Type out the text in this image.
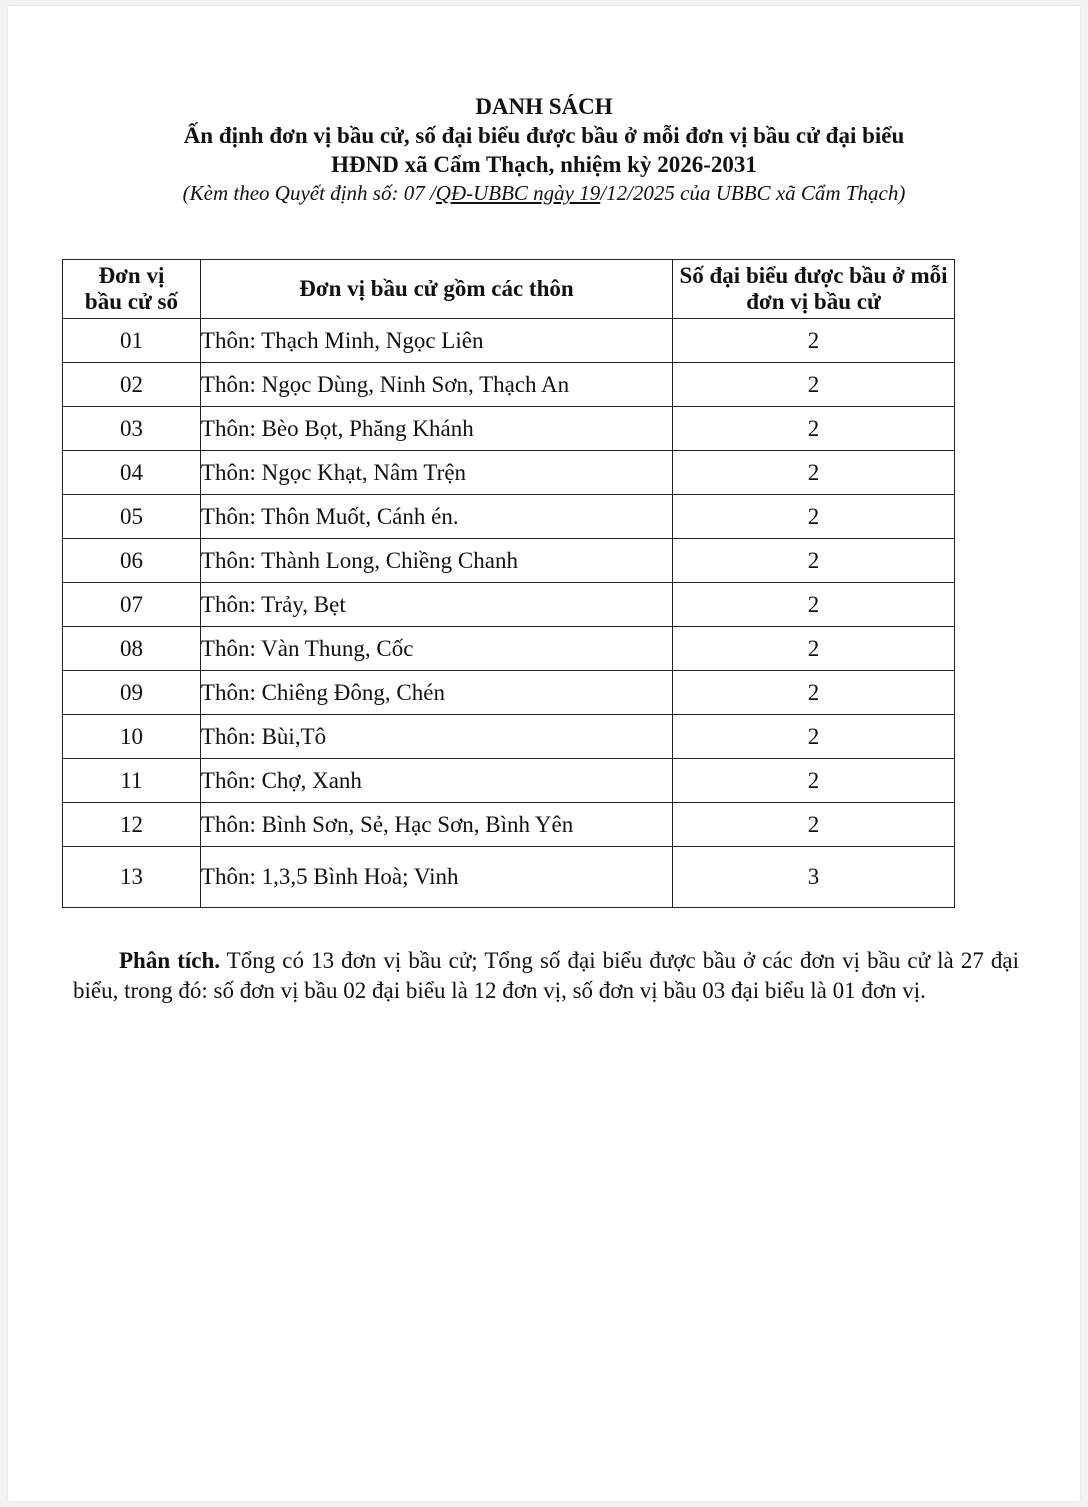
DANH SÁCH
Ấn định đơn vị bầu cử, số đại biểu được bầu ở mỗi đơn vị bầu cử đại biểu
HĐND xã Cẩm Thạch, nhiệm kỳ 2026-2031
(Kèm theo Quyết định số: 07 /QĐ-UBBC ngày 19/12/2025 của UBBC xã Cẩm Thạch)
Đơn vị bầu cử số	Đơn vị bầu cử gồm các thôn	Số đại biểu được bầu ở mỗi đơn vị bầu cử

01	Thôn: Thạch Minh, Ngọc Liên	2
02	Thôn: Ngọc Dùng, Ninh Sơn, Thạch An	2
03	Thôn: Bèo Bọt, Phăng Khánh	2
04	Thôn: Ngọc Khạt, Nâm Trện	2
05	Thôn: Thôn Muốt, Cánh én.	2
06	Thôn: Thành Long, Chiềng Chanh	2
07	Thôn: Trảy, Bẹt	2
08	Thôn: Vàn Thung, Cốc	2
09	Thôn: Chiêng Đông, Chén	2
10	Thôn: Bùi,Tô	2
11	Thôn: Chợ, Xanh	2
12	Thôn: Bình Sơn, Sẻ, Hạc Sơn, Bình Yên	2
13	Thôn: 1,3,5 Bình Hoà; Vinh	3
Phân tích. Tổng có 13 đơn vị bầu cử; Tổng số đại biểu được bầu ở các đơn vị bầu cử là 27 đại biểu, trong đó: số đơn vị bầu 02 đại biểu là 12 đơn vị, số đơn vị bầu 03 đại biểu là 01 đơn vị.
